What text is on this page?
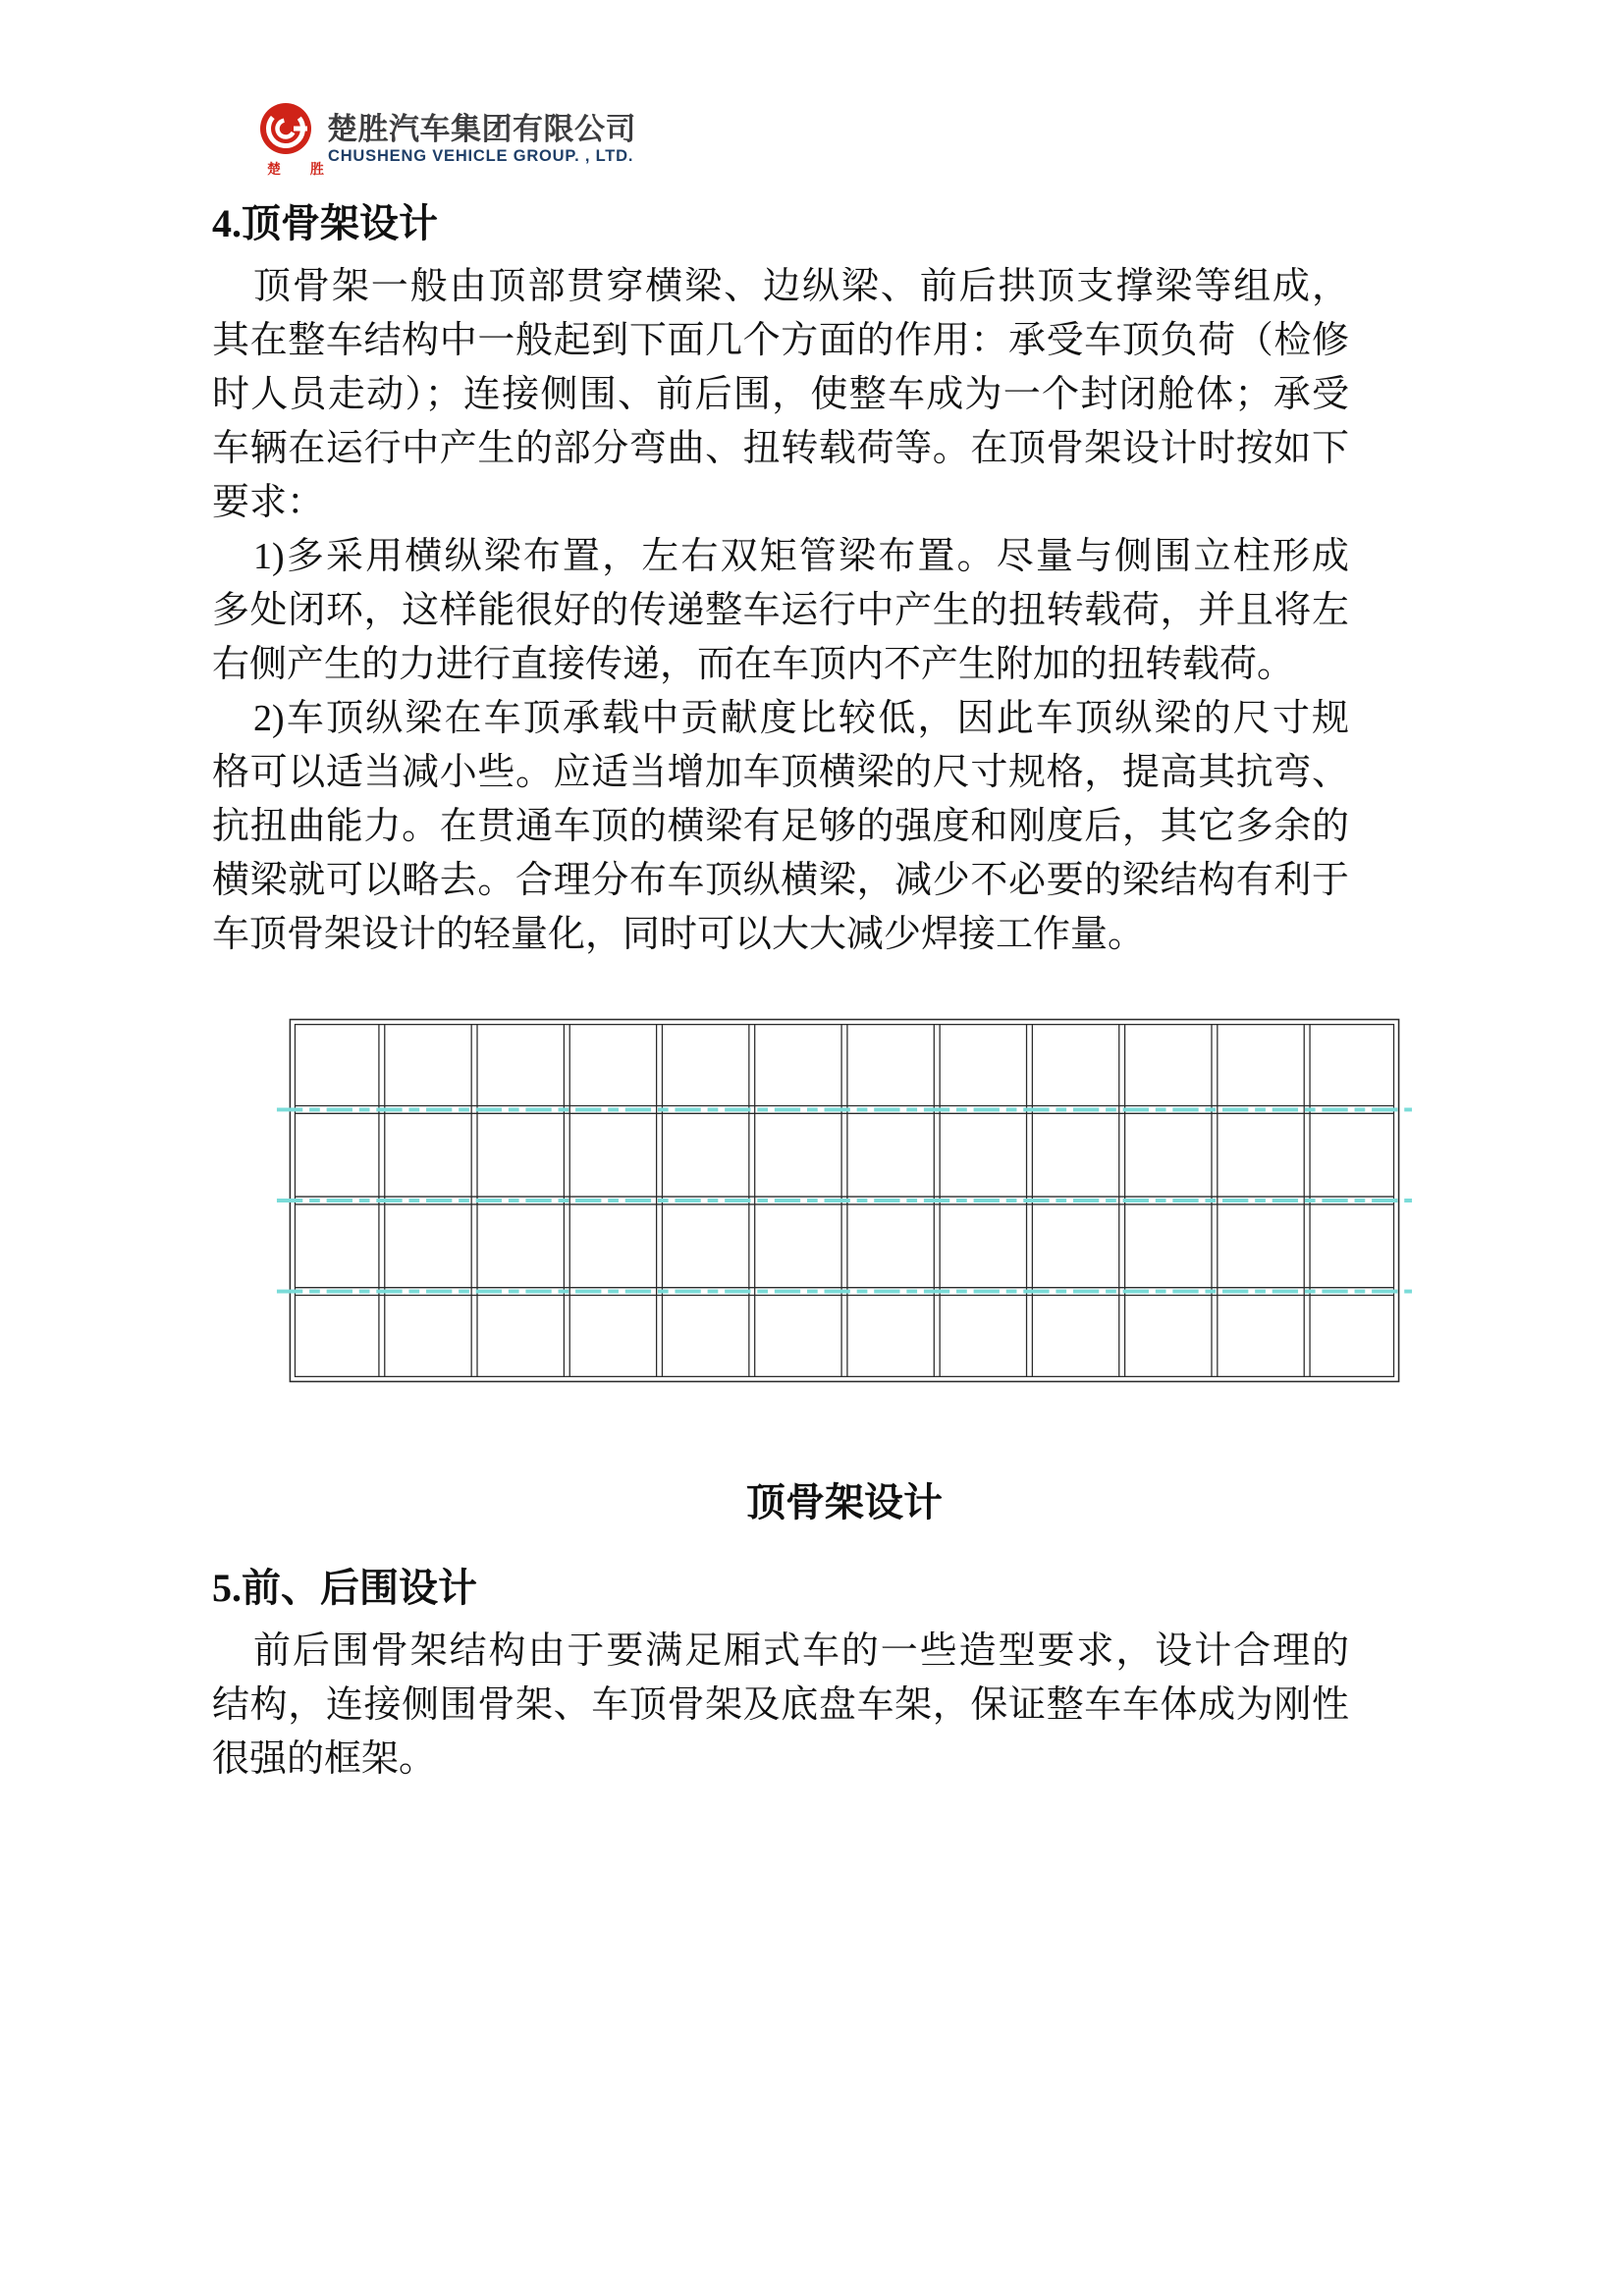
楚 胜
楚胜汽车集团有限公司
CHUSHENG VEHICLE GROUP. , LTD.
4.顶骨架设计
顶骨架一般由顶部贯穿横梁、边纵梁、前后拱顶支撑梁等组成，
其在整车结构中一般起到下面几个方面的作用：承受车顶负荷（检修
时人员走动）；连接侧围、前后围，使整车成为一个封闭舱体；承受
车辆在运行中产生的部分弯曲、扭转载荷等。在顶骨架设计时按如下
要求：
1)多采用横纵梁布置，左右双矩管梁布置。尽量与侧围立柱形成
多处闭环，这样能很好的传递整车运行中产生的扭转载荷，并且将左
右侧产生的力进行直接传递，而在车顶内不产生附加的扭转载荷。
2)车顶纵梁在车顶承载中贡献度比较低，因此车顶纵梁的尺寸规
格可以适当减小些。应适当增加车顶横梁的尺寸规格，提高其抗弯、
抗扭曲能力。在贯通车顶的横梁有足够的强度和刚度后，其它多余的
横梁就可以略去。合理分布车顶纵横梁，减少不必要的梁结构有利于
车顶骨架设计的轻量化，同时可以大大减少焊接工作量。
顶骨架设计
5.前、后围设计
前后围骨架结构由于要满足厢式车的一些造型要求，设计合理的
结构，连接侧围骨架、车顶骨架及底盘车架，保证整车车体成为刚性
很强的框架。
